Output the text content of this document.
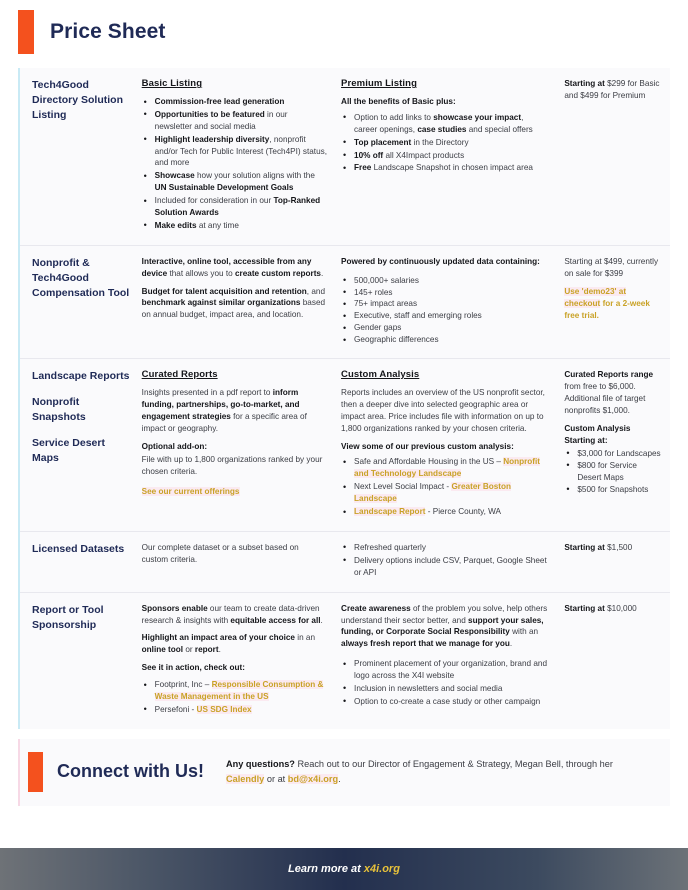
Price Sheet
Tech4Good Directory Solution Listing
Basic Listing
• Commission-free lead generation
• Opportunities to be featured in our newsletter and social media
• Highlight leadership diversity, nonprofit and/or Tech for Public Interest (Tech4PI) status, and more
• Showcase how your solution aligns with the UN Sustainable Development Goals
• Included for consideration in our Top-Ranked Solution Awards
• Make edits at any time
Premium Listing

All the benefits of Basic plus:

• Option to add links to showcase your impact, career openings, case studies and special offers
• Top placement in the Directory
• 10% off all X4Impact products
• Free Landscape Snapshot in chosen impact area

Starting at $299 for Basic and $499 for Premium

Nonprofit & Tech4Good Compensation Tool

Interactive, online tool, accessible from any device that allows you to create custom reports.

Budget for talent acquisition and retention, and benchmark against similar organizations based on annual budget, impact area, and location.

Powered by continuously updated data containing:

• 500,000+ salaries
• 145+ roles
• 75+ impact areas
• Executive, staff and emerging roles
• Gender gaps
• Geographic differences

Starting at $499, currently on sale for $399

Use 'demo23' at checkout for a 2-week free trial.

Landscape Reports
Nonprofit Snapshots
Service Desert Maps
Curated Reports

Insights presented in a pdf report to inform funding, partnerships, go-to-market, and engagement strategies for a specific area of impact or geography.

Optional add-on:

File with up to 1,800 organizations ranked by your chosen criteria.

See our current offerings

Custom Analysis

Reports includes an overview of the US nonprofit sector, then a deeper dive into selected geographic area or impact area. Price includes file with information on up to 1,800 organizations ranked by your chosen criteria.

View some of our previous custom analysis:

• Safe and Affordable Housing in the US – Nonprofit and Technology Landscape
• Next Level Social Impact - Greater Boston Landscape
• Landscape Report - Pierce County, WA

Curated Reports range from free to $6,000. Additional file of target nonprofits $1,000.

Custom Analysis Starting at:

• $3,000 for Landscapes
• $800 for Service Desert Maps
• $500 for Snapshots
Licensed Datasets	Our complete dataset or a subset based on custom criteria.

• Refreshed quarterly
• Delivery options include CSV, Parquet, Google Sheet or API

Starting at $1,500

Report or Tool Sponsorship

Sponsors enable our team to create data-driven research & insights with equitable access for all.

Highlight an impact area of your choice in an online tool or report.

See it in action, check out:

• Footprint, Inc – Responsible Consumption & Waste Management in the US
• Persefoni - US SDG Index

Create awareness of the problem you solve, help others understand their sector better, and support your sales, funding, or Corporate Social Responsibility with an always fresh report that we manage for you.

• Prominent placement of your organization, brand and logo across the X4I website
• Inclusion in newsletters and social media
• Option to co-create a case study or other campaign

Starting at $10,000

Connect with Us! Any questions? Reach out to our Director of Engagement & Strategy, Megan Bell, through her Calendly or at bd@x4i.org.
Learn more at x4i.org
